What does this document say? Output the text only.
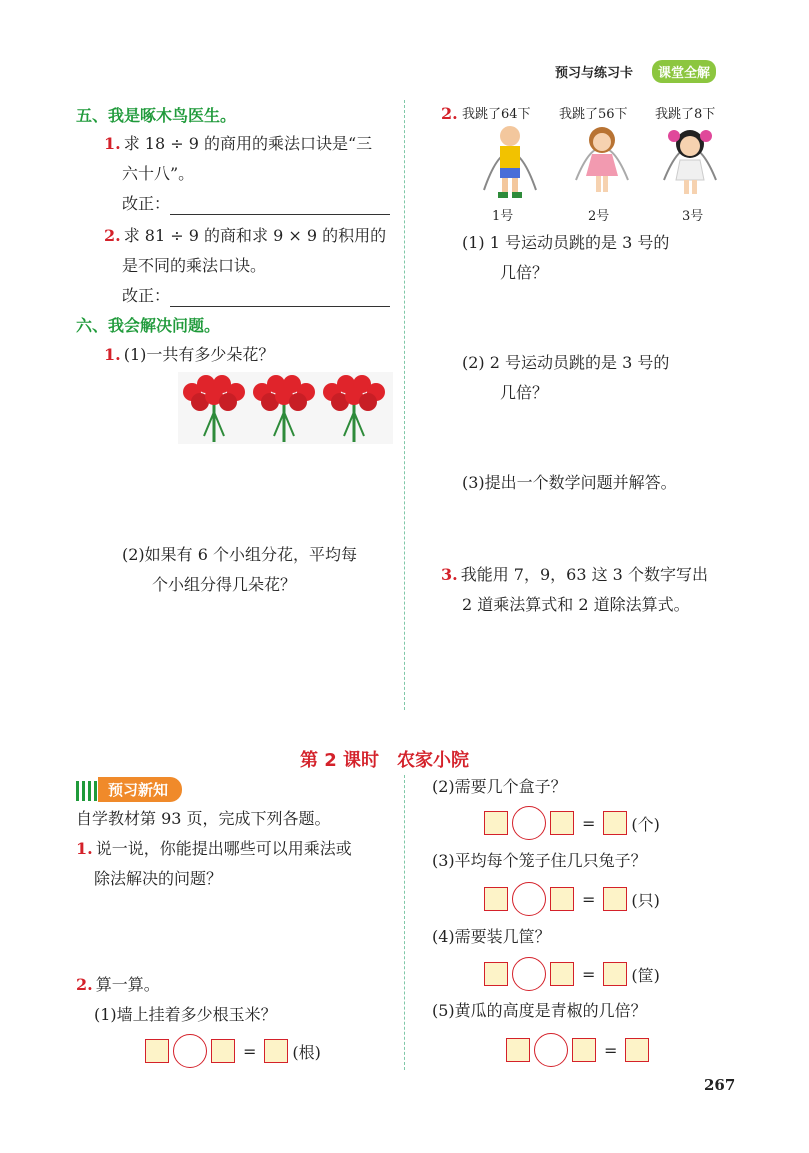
预习与练习卡	课堂全解
五、我是啄木鸟医生。
1. 求 18 ÷ 9 的商用的乘法口诀是“三
六十八”。
改正：
2. 求 81 ÷ 9 的商和求 9 × 9 的积用的
是不同的乘法口诀。
改正：
六、我会解决问题。
1. (1)一共有多少朵花？
(2)如果有 6 个小组分花，平均每
个小组分得几朵花？
2. 我跳了64下 我跳了56下 我跳了8下
1号	2号	3号
(1) 1 号运动员跳的是 3 号的
几倍？
(2) 2 号运动员跳的是 3 号的
几倍？
(3)提出一个数学问题并解答。
3. 我能用 7，9，63 这 3 个数字写出
2 道乘法算式和 2 道除法算式。
第 2 课时　农家小院
预习新知
自学教材第 93 页，完成下列各题。
1. 说一说，你能提出哪些可以用乘法或
除法解决的问题？
2. 算一算。
(1)墙上挂着多少根玉米？
= (根)
(2)需要几个盒子？
= (个)
(3)平均每个笼子住几只兔子？
= (只)
(4)需要装几筐？
= (筐)
(5)黄瓜的高度是青椒的几倍？
=
267
